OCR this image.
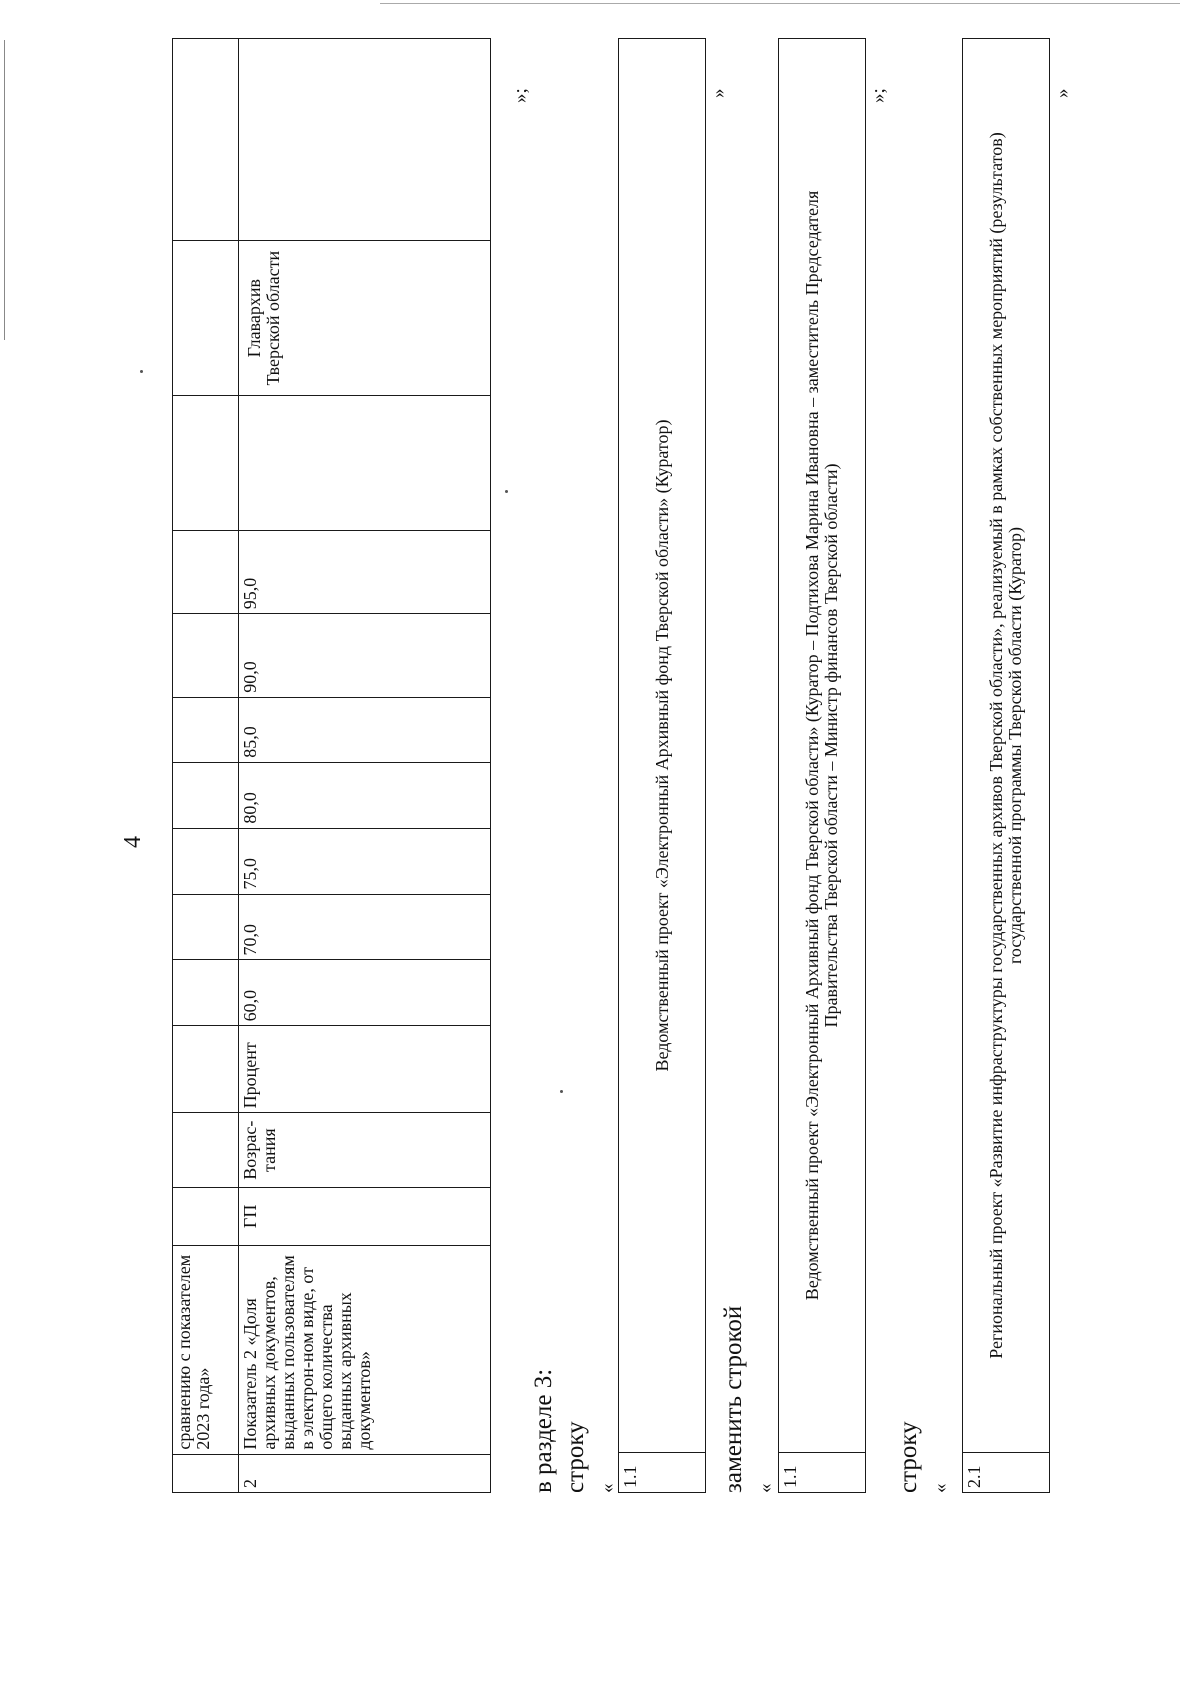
4
	сравнению с показателем 2023 года»													
2	Показатель 2 «Доля архивных документов, выданных пользователям в электрон-ном виде, от общего количества выданных архивных документов»	ГП	Возрас-тания	Процент	60,0	70,0	75,0	80,0	85,0	90,0	95,0		Главархив Тверской области	
»;
в разделе 3: строку «
1.1	Ведомственный проект «Электронный Архивный фонд Тверской области» (Куратор)
»
заменить строкой «
1.1	Ведомственный проект «Электронный Архивный фонд Тверской области» (Куратор – Подтихова Марина Ивановна – заместитель Председателя Правительства Тверской области – Министр финансов Тверской области)
»;
строку «
2.1	Региональный проект «Развитие инфраструктуры государственных архивов Тверской области», реализуемый в рамках собственных мероприятий (результатов) государственной программы Тверской области (Куратор)
»
